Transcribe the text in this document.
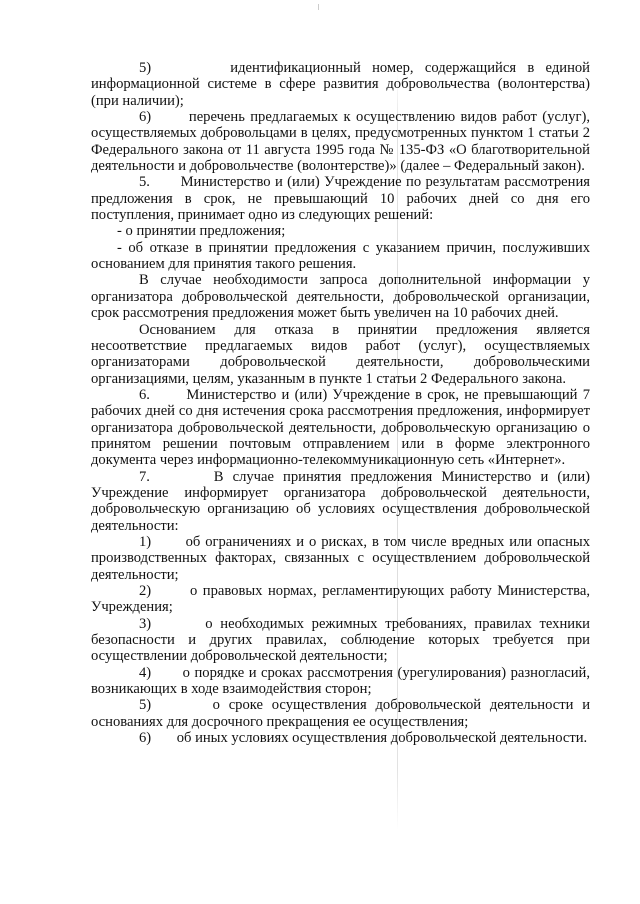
5)       идентификационный номер, содержащийся в единой информационной системе в сфере развития добровольчества (волонтерства) (при наличии);

6)       перечень предлагаемых к осуществлению видов работ (услуг), осуществляемых добровольцами в целях, предусмотренных пунктом 1 статьи 2 Федерального закона от 11 августа 1995 года № 135-ФЗ «О благотворительной деятельности и добровольчестве (волонтерстве)» (далее – Федеральный закон).

5.       Министерство и (или) Учреждение по результатам рассмотрения предложения в срок, не превышающий 10 рабочих дней со дня его поступления, принимает одно из следующих решений:

- о принятии предложения;

- об отказе в принятии предложения с указанием причин, послуживших основанием для принятия такого решения.

В случае необходимости запроса дополнительной информации у организатора добровольческой деятельности, добровольческой организации, срок рассмотрения предложения может быть увеличен на 10 рабочих дней.

Основанием для отказа в принятии предложения является несоответствие предлагаемых видов работ (услуг), осуществляемых организаторами добровольческой деятельности, добровольческими организациями, целям, указанным в пункте 1 статьи 2 Федерального закона.

6.       Министерство и (или) Учреждение в срок, не превышающий 7 рабочих дней со дня истечения срока рассмотрения предложения, информирует организатора добровольческой деятельности, добровольческую организацию о принятом решении почтовым отправлением или в форме электронного документа через информационно-телекоммуникационную сеть «Интернет».

7.       В случае принятия предложения Министерство и (или) Учреждение информирует организатора добровольческой деятельности, добровольческую организацию об условиях осуществления добровольческой деятельности:

1)       об ограничениях и о рисках, в том числе вредных или опасных производственных факторах, связанных с осуществлением добровольческой деятельности;

2)       о правовых нормах, регламентирующих работу Министерства, Учреждения;

3)       о необходимых режимных требованиях, правилах техники безопасности и других правилах, соблюдение которых требуется при осуществлении добровольческой деятельности;

4)       о порядке и сроках рассмотрения (урегулирования) разногласий, возникающих в ходе взаимодействия сторон;

5)       о сроке осуществления добровольческой деятельности и основаниях для досрочного прекращения ее осуществления;

6)       об иных условиях осуществления добровольческой деятельности.
